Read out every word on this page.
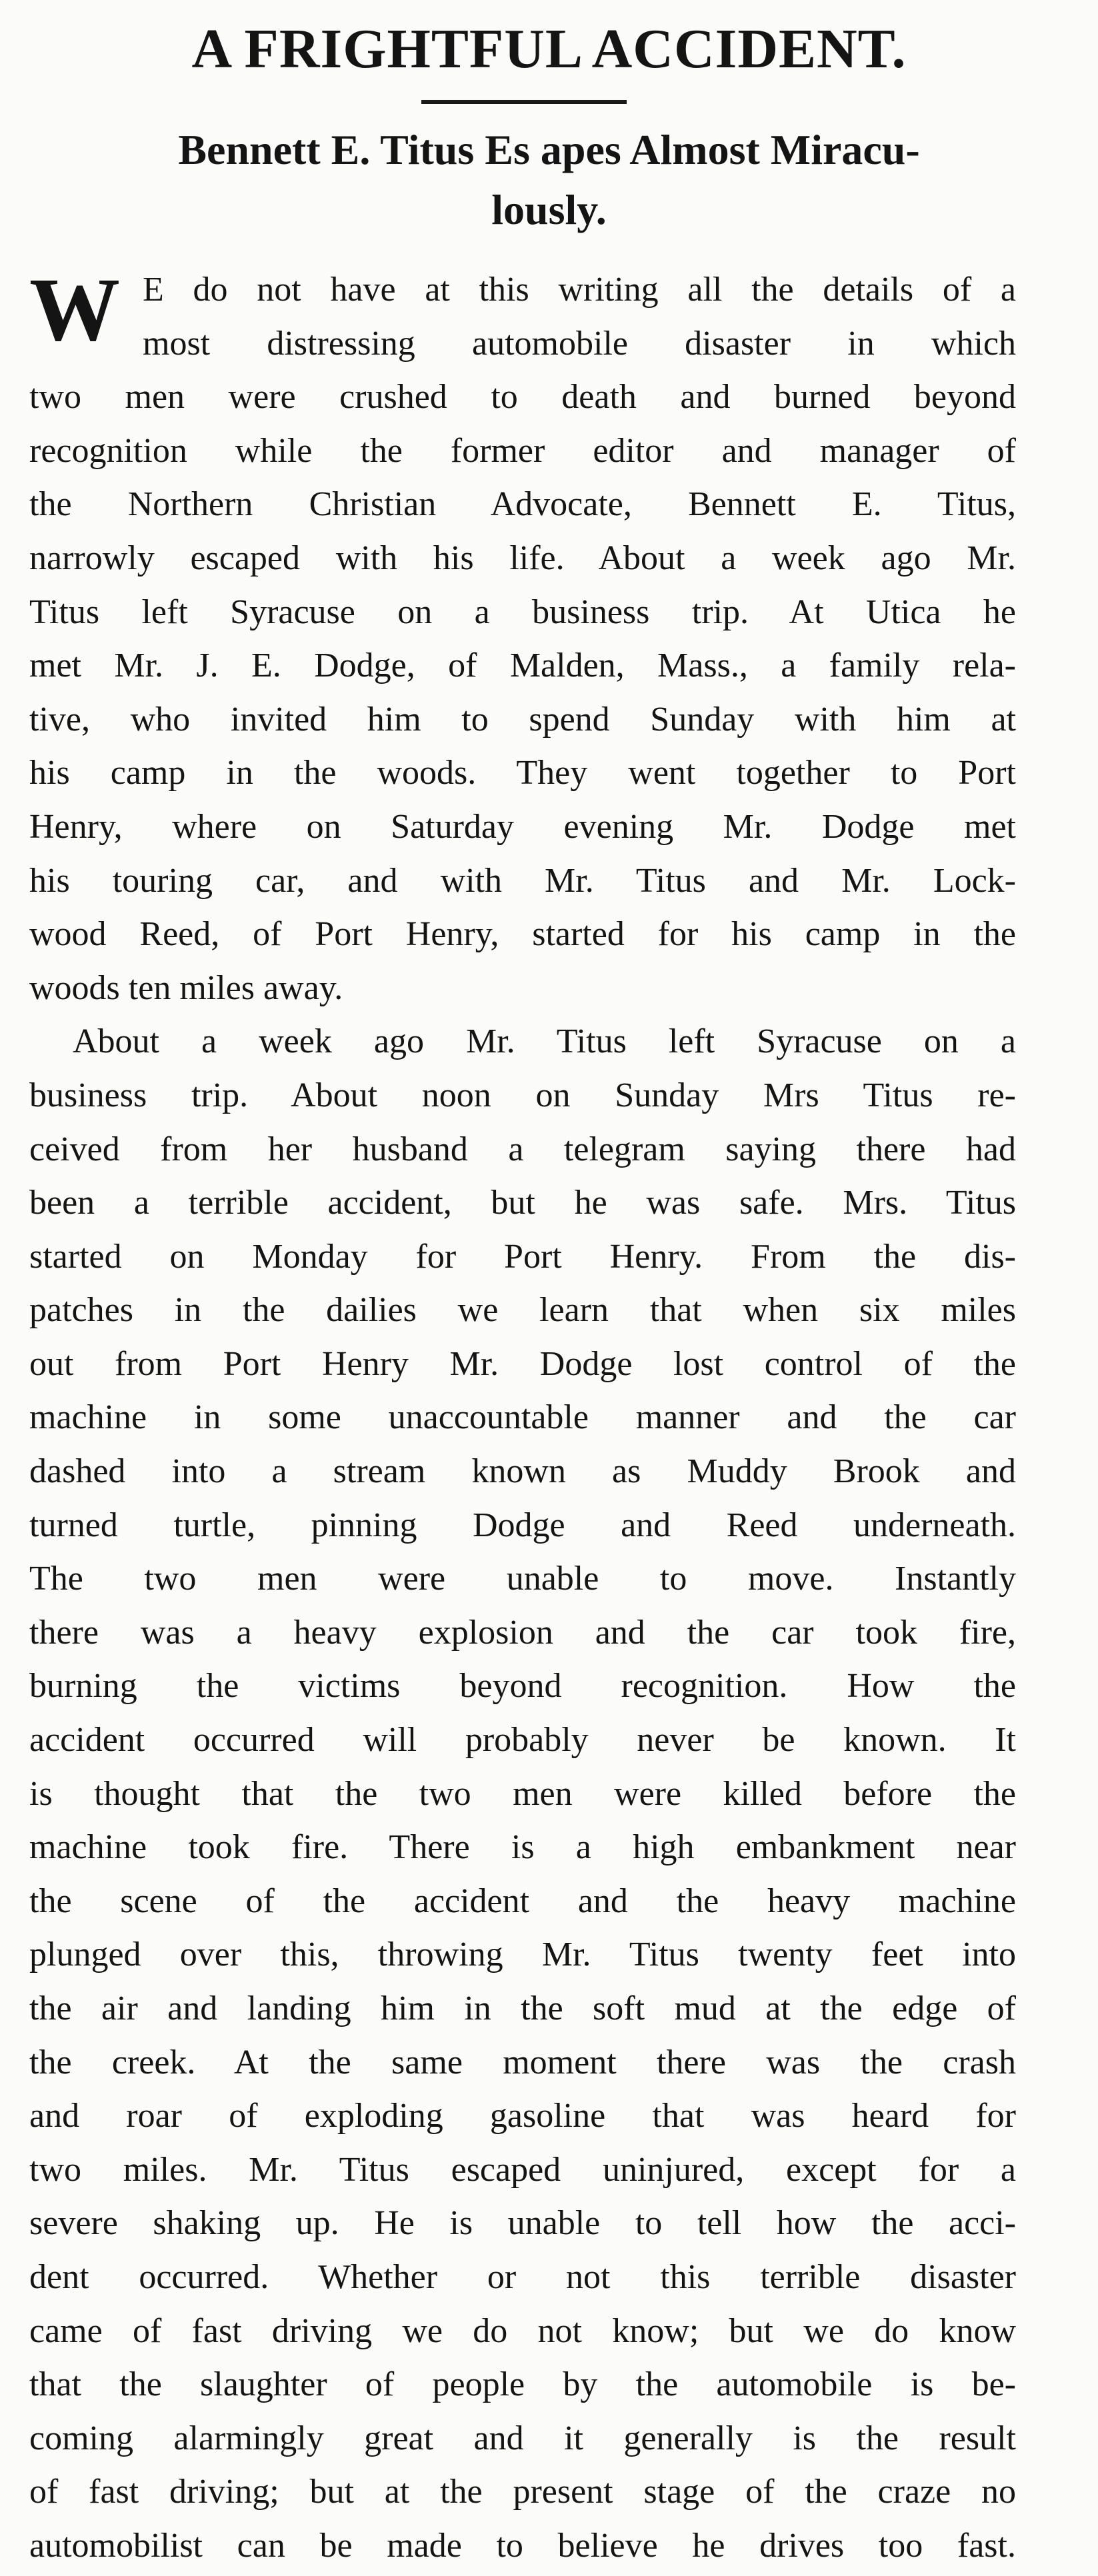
A FRIGHTFUL ACCIDENT.
Bennett E. Titus Es apes Almost Miracu-
lously.
W E do not have at this writing all the details of a
most distressing automobile disaster in which
two men were crushed to death and burned beyond
recognition while the former editor and manager of
the Northern Christian Advocate, Bennett E. Titus,
narrowly escaped with his life. About a week ago Mr.
Titus left Syracuse on a business trip. At Utica he
met Mr. J. E. Dodge, of Malden, Mass., a family rela-
tive, who invited him to spend Sunday with him at
his camp in the woods. They went together to Port
Henry, where on Saturday evening Mr. Dodge met
his touring car, and with Mr. Titus and Mr. Lock-
wood Reed, of Port Henry, started for his camp in the
woods ten miles away.
About a week ago Mr. Titus left Syracuse on a
business trip. About noon on Sunday Mrs Titus re-
ceived from her husband a telegram saying there had
been a terrible accident, but he was safe. Mrs. Titus
started on Monday for Port Henry. From the dis-
patches in the dailies we learn that when six miles
out from Port Henry Mr. Dodge lost control of the
machine in some unaccountable manner and the car
dashed into a stream known as Muddy Brook and
turned turtle, pinning Dodge and Reed underneath.
The two men were unable to move. Instantly
there was a heavy explosion and the car took fire,
burning the victims beyond recognition. How the
accident occurred will probably never be known. It
is thought that the two men were killed before the
machine took fire. There is a high embankment near
the scene of the accident and the heavy machine
plunged over this, throwing Mr. Titus twenty feet into
the air and landing him in the soft mud at the edge of
the creek. At the same moment there was the crash
and roar of exploding gasoline that was heard for
two miles. Mr. Titus escaped uninjured, except for a
severe shaking up. He is unable to tell how the acci-
dent occurred. Whether or not this terrible disaster
came of fast driving we do not know; but we do know
that the slaughter of people by the automobile is be-
coming alarmingly great and it generally is the result
of fast driving; but at the present stage of the craze no
automobilist can be made to believe he drives too fast.
